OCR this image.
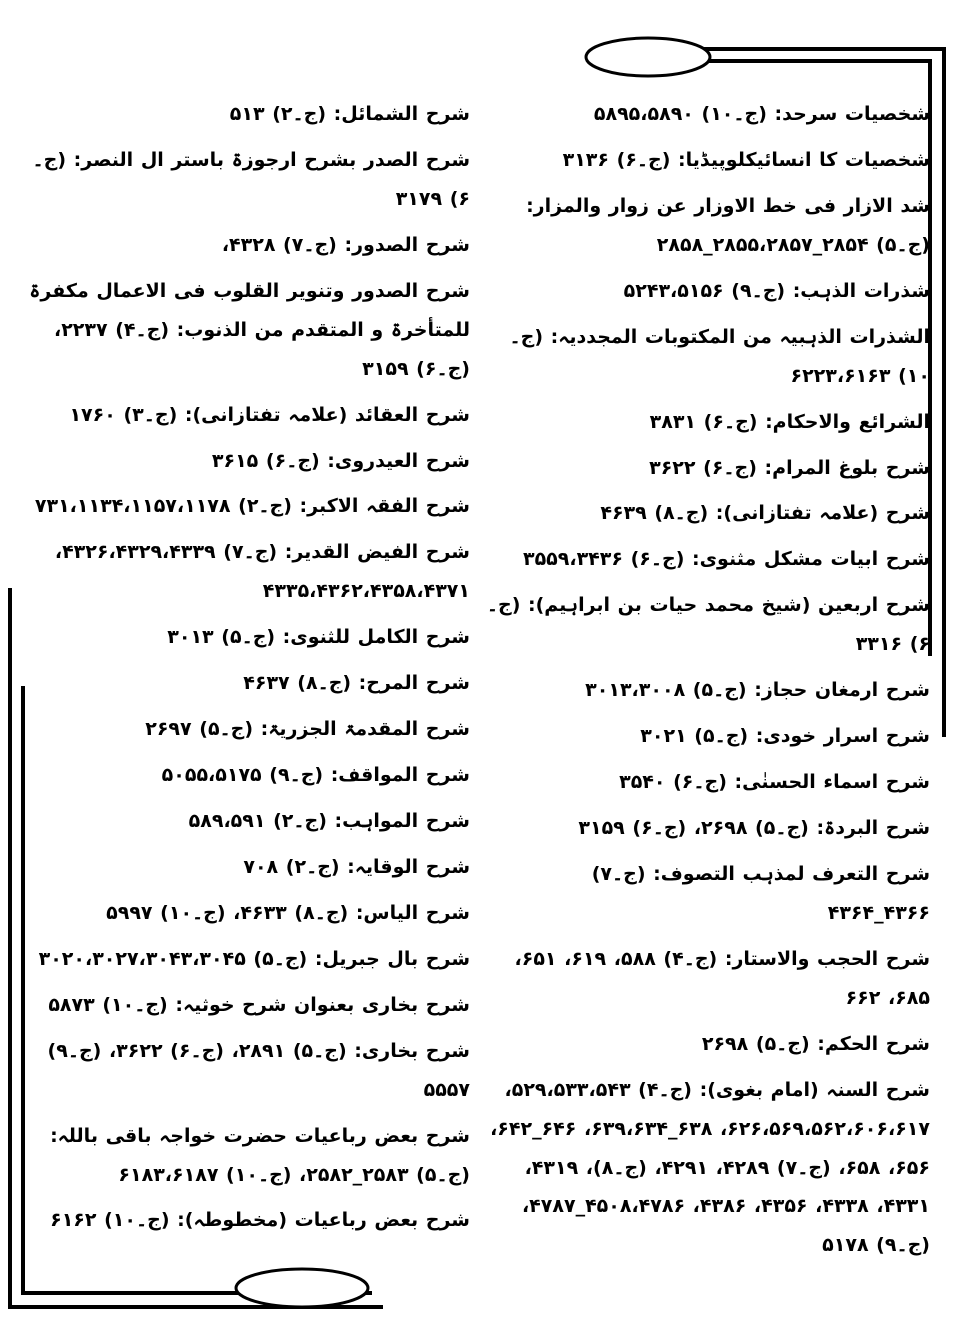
شخصیات سرحد: (ج۔۱۰) ۵۸۹۵،۵۸۹۰
شخصیات کا انسائیکلوپیڈیا: (ج۔۶) ۳۱۳۶
شد الازار فی خط الاوزار عن زوار والمزار: (ج۔۵) ۲۸۵۴_۲۸۵۵،۲۸۵۷_۲۸۵۸
شذرات الذہب: (ج۔۹) ۵۲۴۳،۵۱۵۶
الشذرات الذہبیہ من المکتوبات المجددیہ: (ج۔۱۰) ۶۲۲۳،۶۱۶۳
الشرائع والاحکام: (ج۔۶) ۳۸۳۱
شرح بلوغ المرام: (ج۔۶) ۳۶۲۲
شرح (علامہ تفتازانی): (ج۔۸) ۴۶۳۹
شرح ابیات مشکل مثنوی: (ج۔۶) ۳۵۵۹،۳۴۳۶
شرح اربعین (شیخ محمد حیات بن ابراہیم): (ج۔۶) ۳۳۱۶
شرح ارمغان حجاز: (ج۔۵) ۳۰۱۳،۳۰۰۸
شرح اسرار خودی: (ج۔۵) ۳۰۲۱
شرح اسماء الحسنٰی: (ج۔۶) ۳۵۴۰
شرح البردۃ: (ج۔۵) ۲۶۹۸، (ج۔۶) ۳۱۵۹
شرح التعرف لمذہب التصوف: (ج۔۷) ۴۳۶۶_۴۳۶۴
شرح الحجب والاستار: (ج۔۴) ۵۸۸، ۶۱۹، ۶۵۱، ۶۸۵، ۶۶۲
شرح الحکم: (ج۔۵) ۲۶۹۸
شرح السنہ (امام بغوی): (ج۔۴) ۵۲۹،۵۳۳،۵۴۳، ۶۲۶،۵۶۹،۵۶۲،۶۰۶،۶۱۷، ۶۳۸_۶۳۹،۶۳۴، ۶۴۶_۶۴۲، ۶۵۶، ۶۵۸، (ج۔۷) ۴۲۸۹، ۴۲۹۱، (ج۔۸)، ۴۳۱۹، ۴۳۳۱، ۴۳۳۸، ۴۳۵۶، ۴۳۸۶، ۴۵۰۸،۴۷۸۶_۴۷۸۷، (ج۔۹) ۵۱۷۸
شرح الشمائل: (ج۔۲) ۵۱۳
شرح الصدر بشرح ارجوزۃ باستر ال النصر: (ج۔۶) ۳۱۷۹
شرح الصدور: (ج۔۷) ۴۳۲۸،
شرح الصدور وتنویر القلوب فی الاعمال مکفرۃ للمتأخرۃ و المتقدم من الذنوب: (ج۔۴) ۲۲۳۷، (ج۔۶) ۳۱۵۹
شرح العقائد (علامہ تفتازانی): (ج۔۳) ۱۷۶۰
شرح العیدروی: (ج۔۶) ۳۶۱۵
شرح الفقہ الاکبر: (ج۔۲) ۷۳۱،۱۱۳۴،۱۱۵۷،۱۱۷۸
شرح الفیض القدیر: (ج۔۷) ۴۳۲۶،۴۳۲۹،۴۳۳۹، ۴۳۳۵،۴۳۶۲،۴۳۵۸،۴۳۷۱
شرح الکامل للثنوی: (ج۔۵) ۳۰۱۳
شرح المرح: (ج۔۸) ۴۶۳۷
شرح المقدمۃ الجزریۃ: (ج۔۵) ۲۶۹۷
شرح المواقف: (ج۔۹) ۵۰۵۵،۵۱۷۵
شرح المواہب: (ج۔۲) ۵۸۹،۵۹۱
شرح الوقایہ: (ج۔۲) ۷۰۸
شرح الیاس: (ج۔۸) ۴۶۳۳، (ج۔۱۰) ۵۹۹۷
شرح بال جبریل: (ج۔۵) ۳۰۲۰،۳۰۲۷،۳۰۴۳،۳۰۴۵
شرح بخاری بعنوان شرح خوثیہ: (ج۔۱۰) ۵۸۷۳
شرح بخاری: (ج۔۵) ۲۸۹۱، (ج۔۶) ۳۶۲۲، (ج۔۹) ۵۵۵۷
شرح بعض رباعیات حضرت خواجہ باقی باللہ: (ج۔۵) ۲۵۸۳_۲۵۸۲، (ج۔۱۰) ۶۱۸۳،۶۱۸۷
شرح بعض رباعیات (مخطوطہ): (ج۔۱۰) ۶۱۶۲
